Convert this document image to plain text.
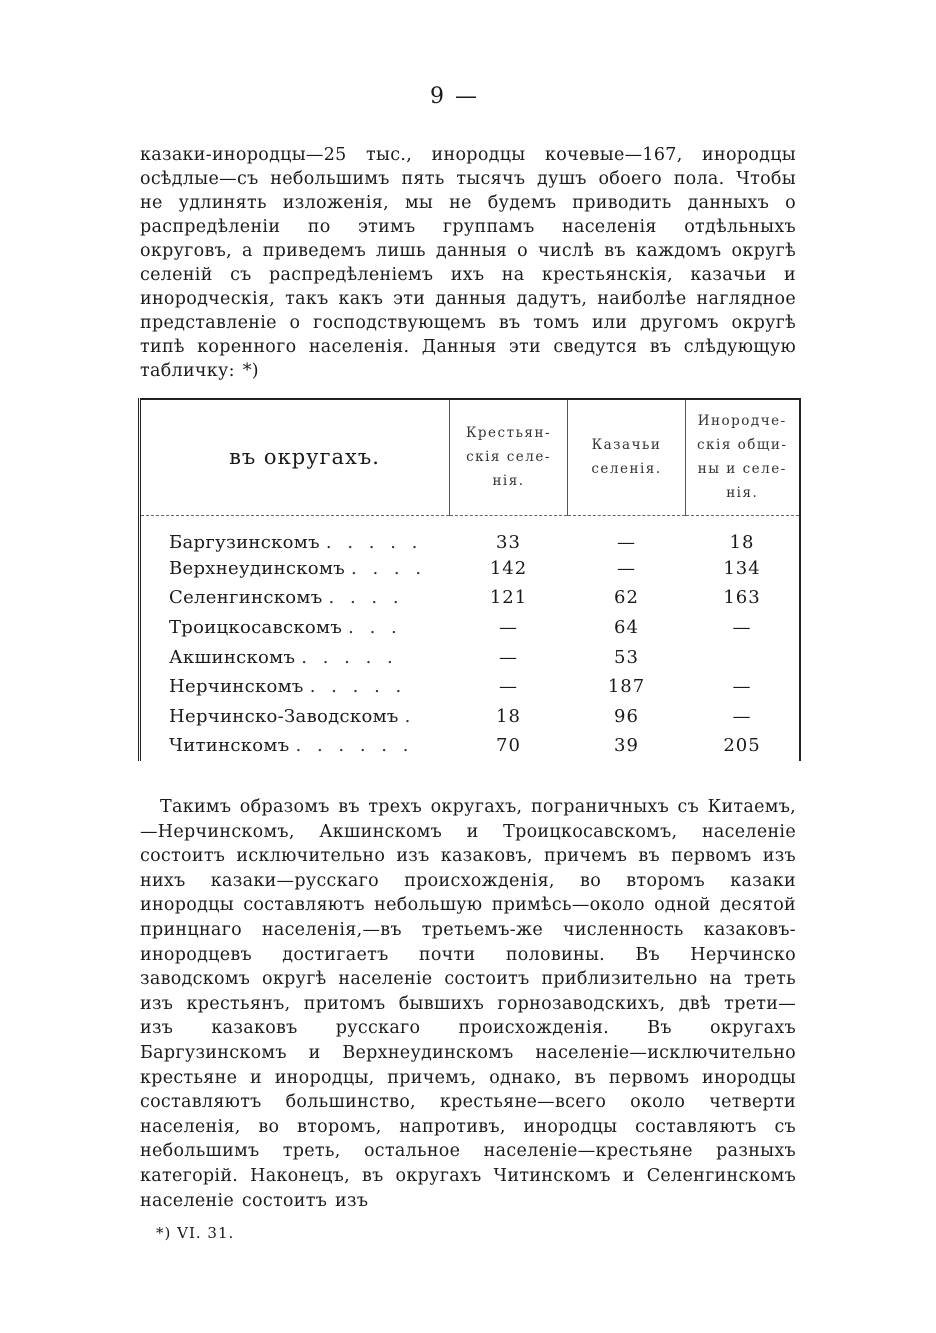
9 —

казаки-инородцы—25 тыс., инородцы кочевые—167, инородцы осѣдлые—съ небольшимъ пять тысячъ душъ обоего пола. Чтобы не удлинять изложенія, мы не будемъ приводить данныхъ о распредѣленіи по этимъ группамъ населенія отдѣльныхъ округовъ, а приведемъ лишь данныя о числѣ въ каждомъ округѣ селеній съ распредѣленіемъ ихъ на крестьянскія, казачьи и инородческія, такъ какъ эти данныя дадутъ, наиболѣе наглядное представленіе о господствующемъ въ томъ или другомъ округѣ типѣ коренного населенія. Данныя эти сведутся въ слѣдующую табличку: *)

въ округахъ.	Крестьян-скія селе-нія.	Казачьи селенія.	Инородче-скія общи-ны и селе-нія.
Баргузинскомъ . . . . .	33	—	18
Верхнеудинскомъ . . . .	142	—	134
Селенгинскомъ . . . .	121	62	163
Троицкосавскомъ . . .	—	64	—
Акшинскомъ . . . . .	—	53	
Нерчинскомъ . . . . .	—	187	—
Нерчинско-Заводскомъ .	18	96	—
Читинскомъ . . . . . .	70	39	205

Такимъ образомъ въ трехъ округахъ, пограничныхъ съ Китаемъ,—Нерчинскомъ, Акшинскомъ и Троицкосавскомъ, населеніе состоитъ исключительно изъ казаковъ, причемъ въ первомъ изъ нихъ казаки—русскаго происхожденія, во второмъ казаки инородцы составляютъ небольшую примѣсь—около одной десятой принцнаго населенія,—въ третьемъ-же численность казаковъ-инородцевъ достигаетъ почти половины. Въ Нерчинско заводскомъ округѣ населеніе состоитъ приблизительно на треть изъ крестьянъ, притомъ бывшихъ горнозаводскихъ, двѣ трети—изъ казаковъ русскаго происхожденія. Въ округахъ Баргузинскомъ и Верхнеудинскомъ населеніе—исключительно крестьяне и инородцы, причемъ, однако, въ первомъ инородцы составляютъ большинство, крестьяне—всего около четверти населенія, во второмъ, напротивъ, инородцы составляютъ съ небольшимъ треть, остальное населеніе—крестьяне разныхъ категорій. Наконецъ, въ округахъ Читинскомъ и Селенгинскомъ населеніе состоитъ изъ

*) VI. 31.
